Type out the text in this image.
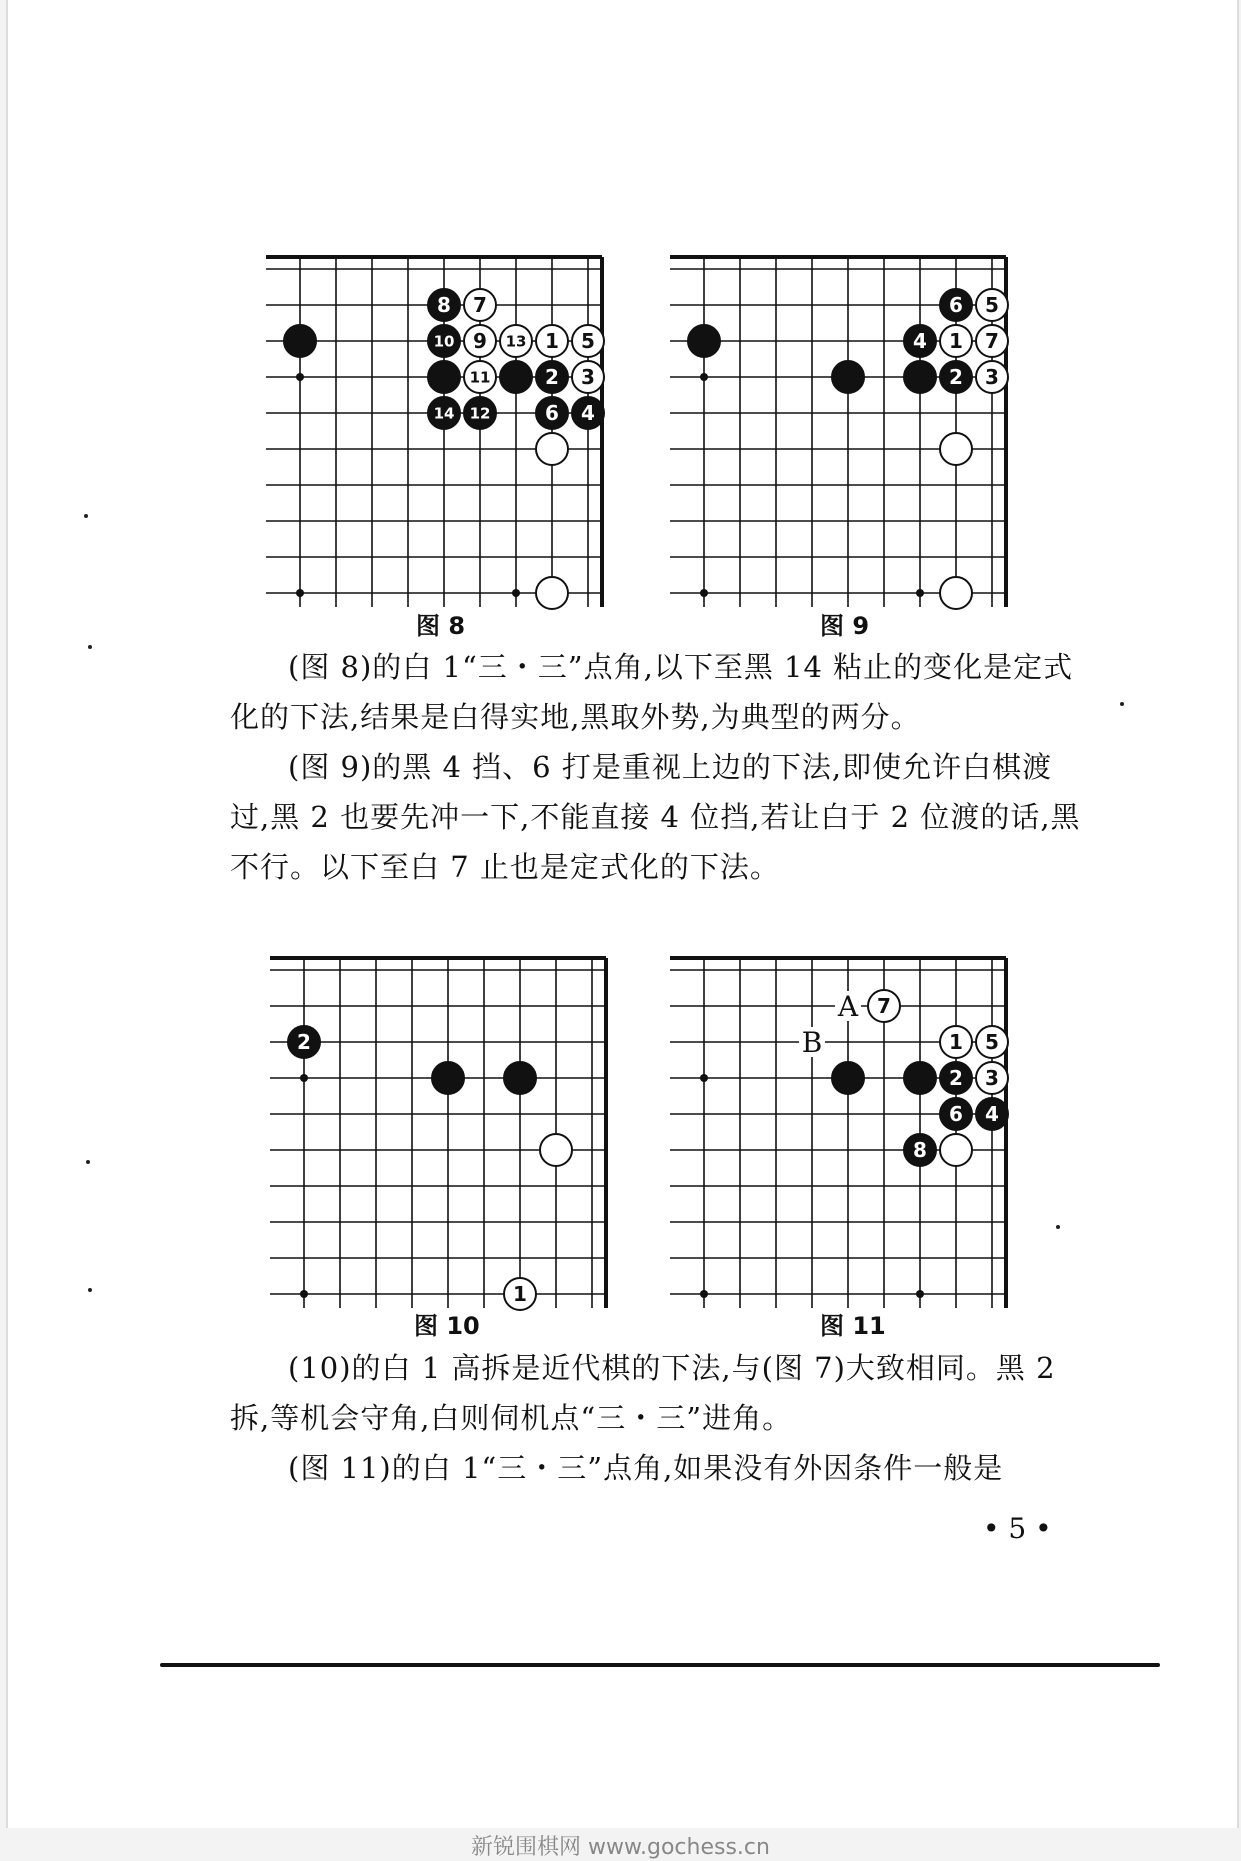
8 7
10 9 13 1 5
11	2 3
14 12	6 4
图 8
6 5
4 1 7
2 3
图 9

(图 8)的白 1“三・三”点角,以下至黑 14 粘止的变化是定式化的下法,结果是白得实地,黑取外势,为典型的两分。

(图 9)的黑 4 挡、6 打是重视上边的下法,即使允许白棋渡过,黑 2 也要先冲一下,不能直接 4 位挡,若让白于 2 位渡的话,黑不行。以下至白 7 止也是定式化的下法。

2
1
图 10
A
B
7
1 5
2 3
6 4
8
图 11

(10)的白 1 高拆是近代棋的下法,与(图 7)大致相同。黑 2 拆,等机会守角,白则伺机点“三・三”进角。

(图 11)的白 1“三・三”点角,如果没有外因条件一般是

• 5 •
新锐围棋网 www.gochess.cn
